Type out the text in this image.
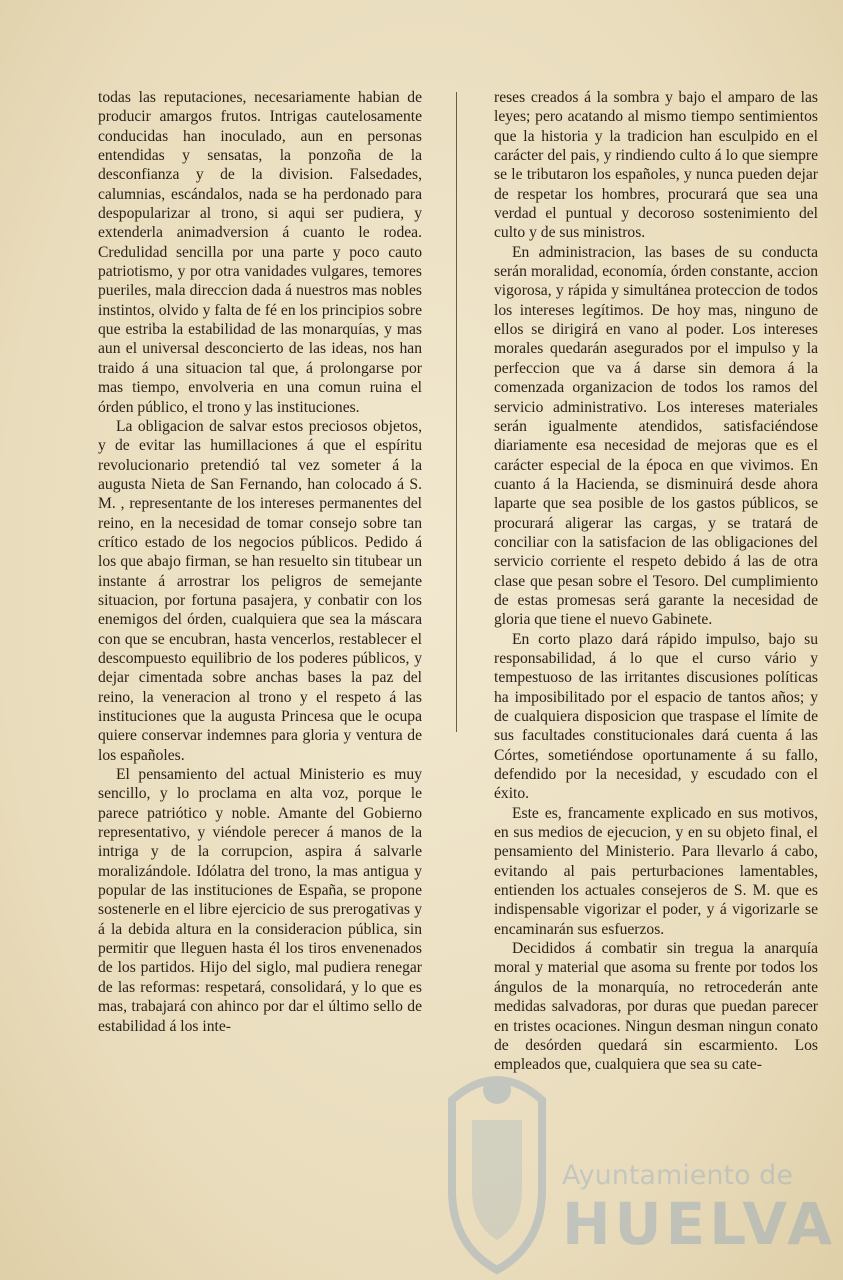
todas las reputaciones, necesariamente habian de producir amargos frutos. Intrigas cautelosamente conducidas han inoculado, aun en personas entendidas y sensatas, la ponzoña de la desconfianza y de la division. Falsedades, calumnias, escándalos, nada se ha perdonado para despopularizar al trono, si aqui ser pudiera, y extenderla animadversion á cuanto le rodea. Credulidad sencilla por una parte y poco cauto patriotismo, y por otra vanidades vulgares, temores pueriles, mala direccion dada á nuestros mas nobles instintos, olvido y falta de fé en los principios sobre que estriba la estabilidad de las monarquías, y mas aun el universal desconcierto de las ideas, nos han traido á una situacion tal que, á prolongarse por mas tiempo, envolveria en una comun ruina el órden público, el trono y las instituciones.

La obligacion de salvar estos preciosos objetos, y de evitar las humillaciones á que el espíritu revolucionario pretendió tal vez someter á la augusta Nieta de San Fernando, han colocado á S. M. , representante de los intereses permanentes del reino, en la necesidad de tomar consejo sobre tan crítico estado de los negocios públicos. Pedido á los que abajo firman, se han resuelto sin titubear un instante á arrostrar los peligros de semejante situacion, por fortuna pasajera, y conbatir con los enemigos del órden, cualquiera que sea la máscara con que se encubran, hasta vencerlos, restablecer el descompuesto equilibrio de los poderes públicos, y dejar cimentada sobre anchas bases la paz del reino, la veneracion al trono y el respeto á las instituciones que la augusta Princesa que le ocupa quiere conservar indemnes para gloria y ventura de los españoles.

El pensamiento del actual Ministerio es muy sencillo, y lo proclama en alta voz, porque le parece patriótico y noble. Amante del Gobierno representativo, y viéndole perecer á manos de la intriga y de la corrupcion, aspira á salvarle moralizándole. Idólatra del trono, la mas antigua y popular de las instituciones de España, se propone sostenerle en el libre ejercicio de sus prerogativas y á la debida altura en la consideracion pública, sin permitir que lleguen hasta él los tiros envenenados de los partidos. Hijo del siglo, mal pudiera renegar de las reformas: respetará, consolidará, y lo que es mas, trabajará con ahinco por dar el último sello de estabilidad á los inte-

reses creados á la sombra y bajo el amparo de las leyes; pero acatando al mismo tiempo sentimientos que la historia y la tradicion han esculpido en el carácter del pais, y rindiendo culto á lo que siempre se le tributaron los españoles, y nunca pueden dejar de respetar los hombres, procurará que sea una verdad el puntual y decoroso sostenimiento del culto y de sus ministros.

En administracion, las bases de su conducta serán moralidad, economía, órden constante, accion vigorosa, y rápida y simultánea proteccion de todos los intereses legítimos. De hoy mas, ninguno de ellos se dirigirá en vano al poder. Los intereses morales quedarán asegurados por el impulso y la perfeccion que va á darse sin demora á la comenzada organizacion de todos los ramos del servicio administrativo. Los intereses materiales serán igualmente atendidos, satisfaciéndose diariamente esa necesidad de mejoras que es el carácter especial de la época en que vivimos. En cuanto á la Hacienda, se disminuirá desde ahora laparte que sea posible de los gastos públicos, se procurará aligerar las cargas, y se tratará de conciliar con la satisfacion de las obligaciones del servicio corriente el respeto debido á las de otra clase que pesan sobre el Tesoro. Del cumplimiento de estas promesas será garante la necesidad de gloria que tiene el nuevo Gabinete.

En corto plazo dará rápido impulso, bajo su responsabilidad, á lo que el curso vário y tempestuoso de las irritantes discusiones políticas ha imposibilitado por el espacio de tantos años; y de cualquiera disposicion que traspase el límite de sus facultades constitucionales dará cuenta á las Córtes, sometiéndose oportunamente á su fallo, defendido por la necesidad, y escudado con el éxito.

Este es, francamente explicado en sus motivos, en sus medios de ejecucion, y en su objeto final, el pensamiento del Ministerio. Para llevarlo á cabo, evitando al pais perturbaciones lamentables, entienden los actuales consejeros de S. M. que es indispensable vigorizar el poder, y á vigorizarle se encaminarán sus esfuerzos.

Decididos á combatir sin tregua la anarquía moral y material que asoma su frente por todos los ángulos de la monarquía, no retrocederán ante medidas salvadoras, por duras que puedan parecer en tristes ocaciones. Ningun desman ningun conato de desórden quedará sin escarmiento. Los empleados que, cualquiera que sea su cate-

Ayuntamiento de
HUELVA
